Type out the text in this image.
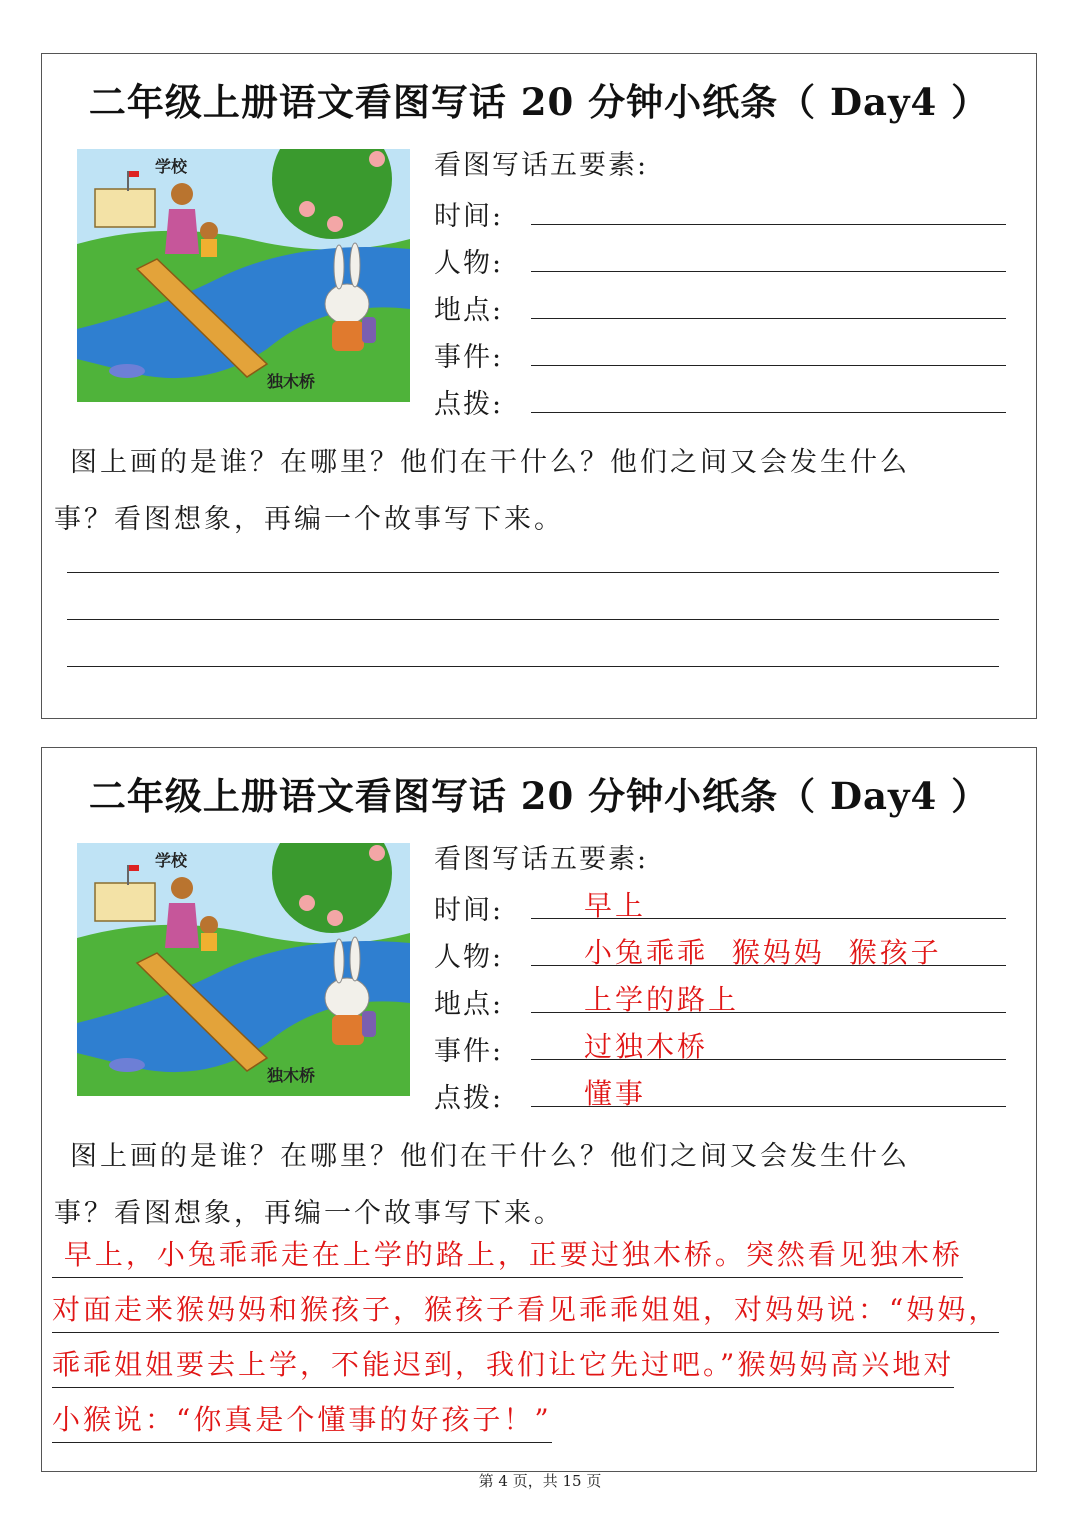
二年级上册语文看图写话 20 分钟小纸条（ Day4 ）
学校
独木桥
看图写话五要素:
时间:
人物:
地点:
事件:
点拨:
图上画的是谁？在哪里？他们在干什么？他们之间又会发生什么
事？看图想象，再编一个故事写下来。
二年级上册语文看图写话 20 分钟小纸条（ Day4 ）
学校
独木桥
看图写话五要素:
时间:	早上
人物:	小兔乖乖  猴妈妈  猴孩子
地点:	上学的路上
事件:	过独木桥
点拨:	懂事
图上画的是谁？在哪里？他们在干什么？他们之间又会发生什么
事？看图想象，再编一个故事写下来。
早上，小兔乖乖走在上学的路上，正要过独木桥。突然看见独木桥
对面走来猴妈妈和猴孩子，猴孩子看见乖乖姐姐，对妈妈说：“妈妈，
乖乖姐姐要去上学，不能迟到，我们让它先过吧。”猴妈妈高兴地对
小猴说：“你真是个懂事的好孩子！”
第 4 页，共 15 页
